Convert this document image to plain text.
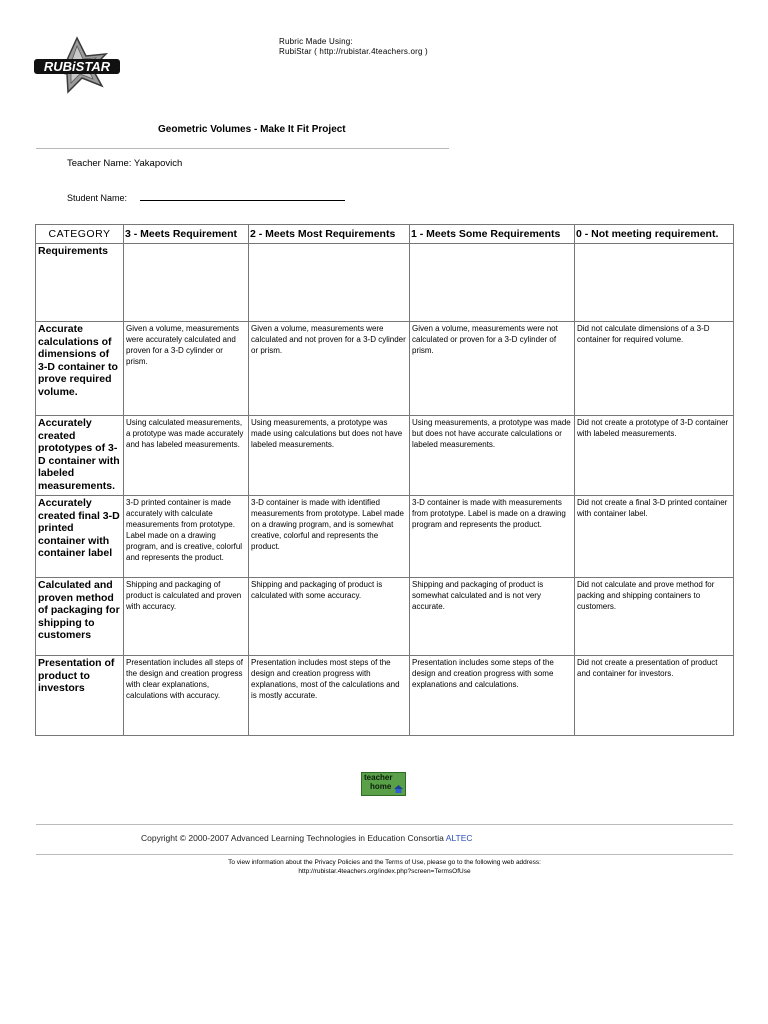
RUBiSTAR
Rubric Made Using:
RubiStar ( http://rubistar.4teachers.org )
Geometric Volumes - Make It Fit Project
Teacher Name: Yakapovich
Student Name:
CATEGORY	3 - Meets Requirement	2 - Meets Most Requirements	1 - Meets Some Requirements	0 - Not meeting requirement.
Requirements				
Accurate calculations of dimensions of 3-D container to prove required volume.	Given a volume, measurements were accurately calculated and proven for a 3-D cylinder or prism.	Given a volume, measurements were calculated and not proven for a 3-D cylinder or prism.	Given a volume, measurements were not calculated or proven for a 3-D cylinder of prism.	Did not calculate dimensions of a 3-D container for required volume.
Accurately created prototypes of 3-D container with labeled measurements.	Using calculated measurements, a prototype was made accurately and has labeled measurements.	Using measurements, a prototype was made using calculations but does not have labeled measurements.	Using measurements, a prototype was made but does not have accurate calculations or labeled measurements.	Did not create a prototype of 3-D container with labeled measurements.
Accurately created final 3-D printed container with container label	3-D printed container is made accurately with calculate measurements from prototype. Label made on a drawing program, and is creative, colorful and represents the product.	3-D container is made with identified measurements from prototype. Label made on a drawing program, and is somewhat creative, colorful and represents the product.	3-D container is made with measurements from prototype. Label is made on a drawing program and represents the product.	Did not create a final 3-D printed container with container label.
Calculated and proven method of packaging for shipping to customers	Shipping and packaging of product is calculated and proven with accuracy.	Shipping and packaging of product is calculated with some accuracy.	Shipping and packaging of product is somewhat calculated and is not very accurate.	Did not calculate and prove method for packing and shipping containers to customers.
Presentation of product to investors	Presentation includes all steps of the design and creation progress with clear explanations, calculations with accuracy.	Presentation includes most steps of the design and creation progress with explanations, most of the calculations and is mostly accurate.	Presentation includes some steps of the design and creation progress with some explanations and calculations.	Did not create a presentation of product and container for investors.
teacher
home
Copyright © 2000-2007 Advanced Learning Technologies in Education Consortia ALTEC
To view information about the Privacy Policies and the Terms of Use, please go to the following web address:
http://rubistar.4teachers.org/index.php?screen=TermsOfUse
